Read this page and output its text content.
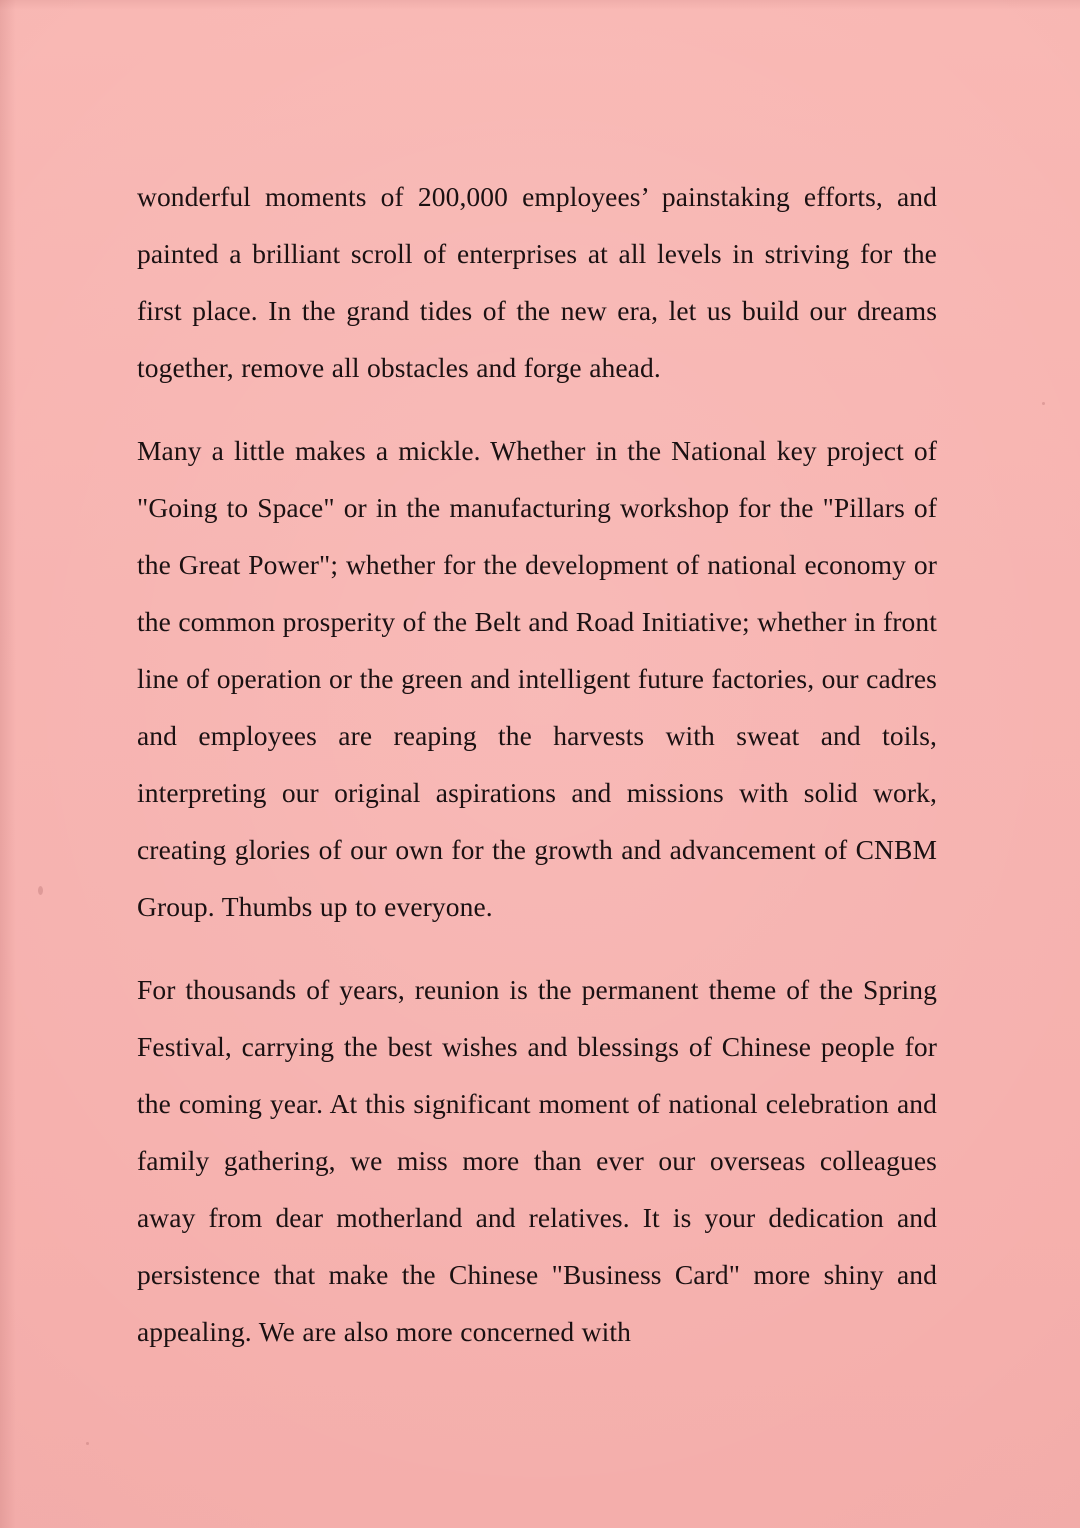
wonderful moments of 200,000 employees’ painstaking efforts, and painted a brilliant scroll of enterprises at all levels in striving for the first place. In the grand tides of the new era, let us build our dreams together, remove all obstacles and forge ahead.

Many a little makes a mickle. Whether in the National key project of "Going to Space" or in the manufacturing workshop for the "Pillars of the Great Power"; whether for the development of national economy or the common prosperity of the Belt and Road Initiative; whether in front line of operation or the green and intelligent future factories, our cadres and employees are reaping the harvests with sweat and toils, interpreting our original aspirations and missions with solid work, creating glories of our own for the growth and advancement of CNBM Group. Thumbs up to everyone.

For thousands of years, reunion is the permanent theme of the Spring Festival, carrying the best wishes and blessings of Chinese people for the coming year. At this significant moment of national celebration and family gathering, we miss more than ever our overseas colleagues away from dear motherland and relatives. It is your dedication and persistence that make the Chinese "Business Card" more shiny and appealing. We are also more concerned with
